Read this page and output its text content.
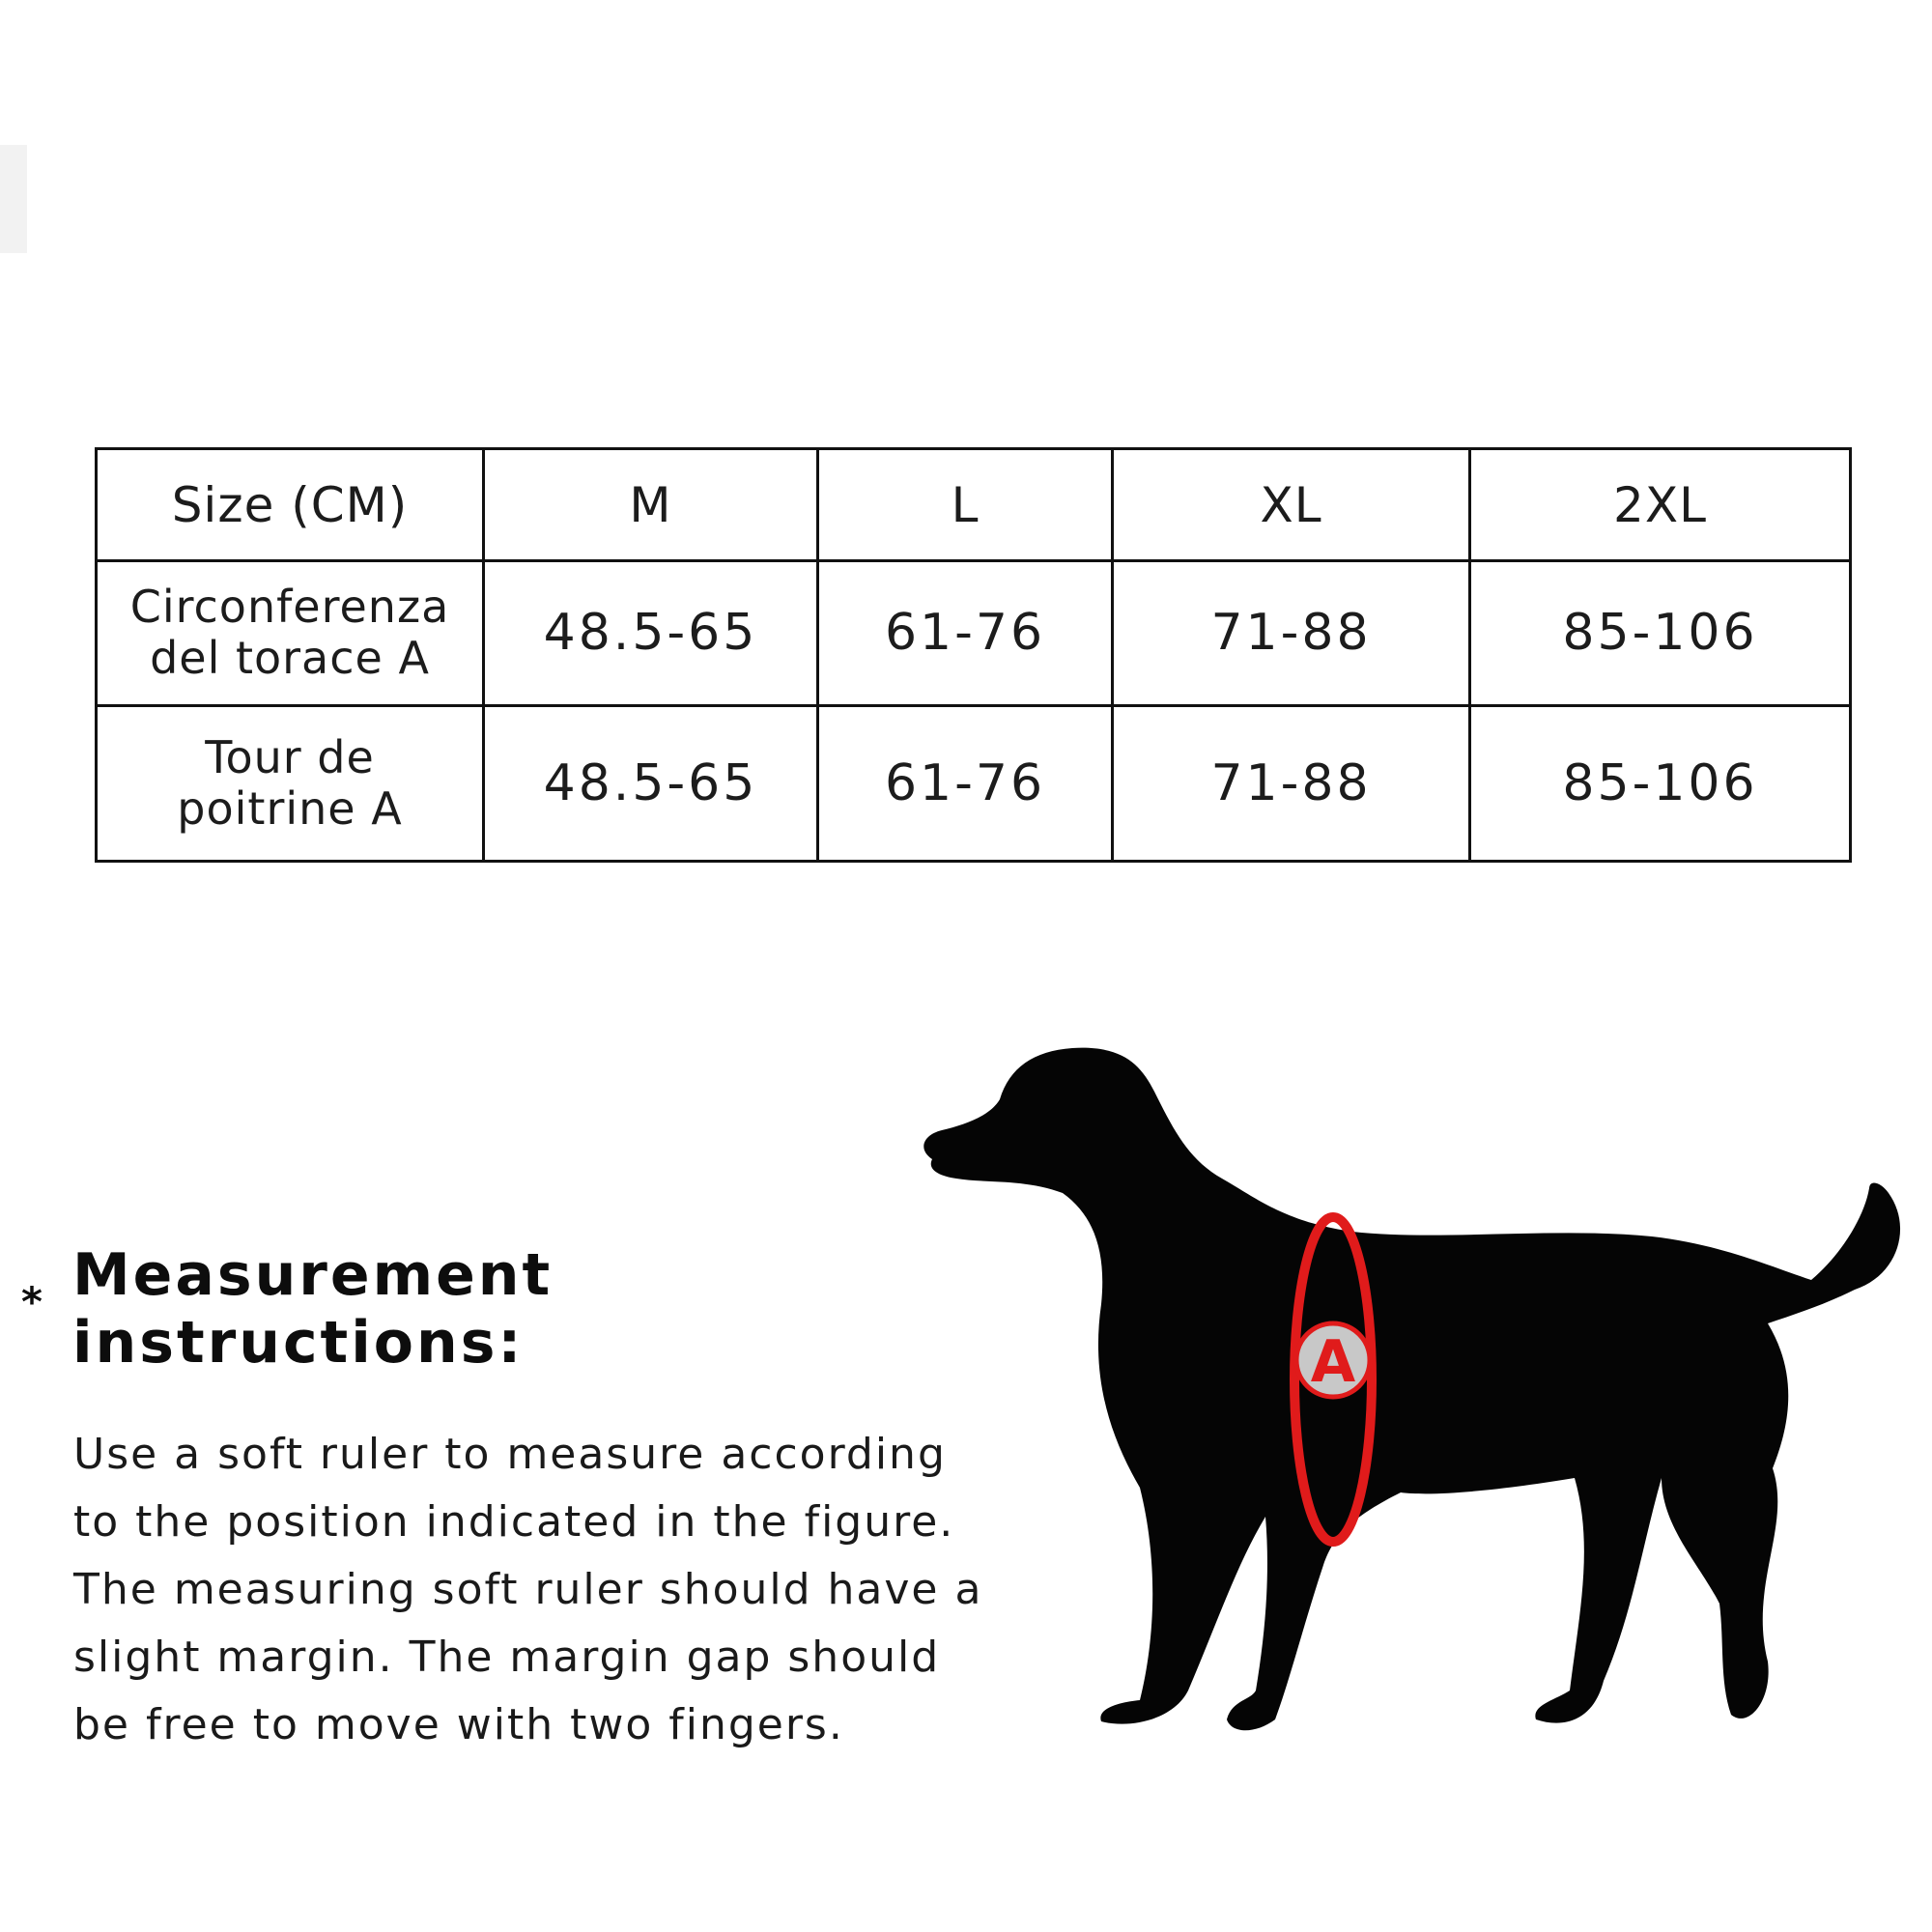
Size (CM)	M	L	XL	2XL

Circonferenza
del torace A	48.5-65	61-76	71-88	85-106

Tour de
poitrine A	48.5-65	61-76	71-88	85-106
* Measurement instructions:
Use a soft ruler to measure according
to the position indicated in the figure.
The measuring soft ruler should have a
slight margin. The margin gap should
be free to move with two fingers.
A
